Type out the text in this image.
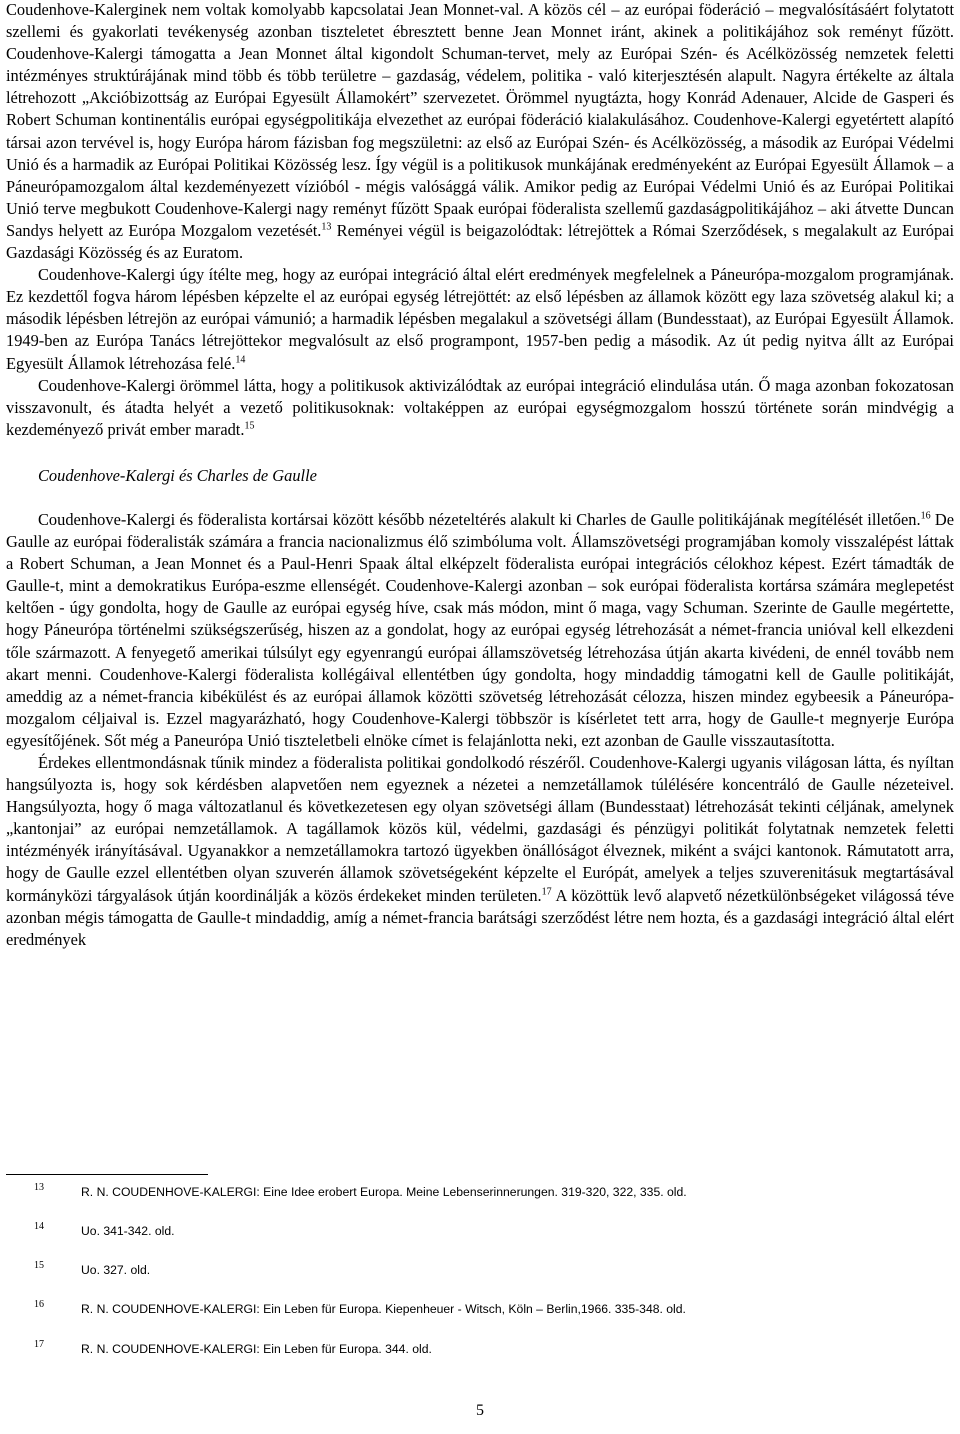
Coudenhove-Kalerginek nem voltak komolyabb kapcsolatai Jean Monnet-val. A közös cél – az európai föderáció – megvalósításáért folytatott szellemi és gyakorlati tevékenység azonban tiszteletet ébresztett benne Jean Monnet iránt, akinek a politikájához sok reményt fűzött. Coudenhove-Kalergi támogatta a Jean Monnet által kigondolt Schuman-tervet, mely az Európai Szén- és Acélközösség nemzetek feletti intézményes struktúrájának mind több és több területre – gazdaság, védelem, politika - való kiterjesztésén alapult. Nagyra értékelte az általa létrehozott „Akcióbizottság az Európai Egyesült Államokért” szervezetet. Örömmel nyugtázta, hogy Konrád Adenauer, Alcide de Gasperi és Robert Schuman kontinentális európai egységpolitikája elvezethet az európai föderáció kialakulásához. Coudenhove-Kalergi egyetértett alapító társai azon tervével is, hogy Európa három fázisban fog megszületni: az első az Európai Szén- és Acélközösség, a második az Európai Védelmi Unió és a harmadik az Európai Politikai Közösség lesz. Így végül is a politikusok munkájának eredményeként az Európai Egyesült Államok – a Páneurópamozgalom által kezdeményezett vízióból - mégis valósággá válik. Amikor pedig az Európai Védelmi Unió és az Európai Politikai Unió terve megbukott Coudenhove-Kalergi nagy reményt fűzött Spaak európai föderalista szellemű gazdaságpolitikájához – aki átvette Duncan Sandys helyett az Európa Mozgalom vezetését.$^{13}$ Reményei végül is beigazolódtak: létrejöttek a Római Szerződések, s megalakult az Európai Gazdasági Közösség és az Euratom.

Coudenhove-Kalergi úgy ítélte meg, hogy az európai integráció által elért eredmények megfelelnek a Páneurópa-mozgalom programjának. Ez kezdettől fogva három lépésben képzelte el az európai egység létrejöttét: az első lépésben az államok között egy laza szövetség alakul ki; a második lépésben létrejön az európai vámunió; a harmadik lépésben megalakul a szövetségi állam (Bundesstaat), az Európai Egyesült Államok. 1949-ben az Európa Tanács létrejöttekor megvalósult az első programpont, 1957-ben pedig a második. Az út pedig nyitva állt az Európai Egyesült Államok létrehozása felé.$^{14}$

Coudenhove-Kalergi örömmel látta, hogy a politikusok aktivizálódtak az európai integráció elindulása után. Ő maga azonban fokozatosan visszavonult, és átadta helyét a vezető politikusoknak: voltaképpen az európai egységmozgalom hosszú története során mindvégig a kezdeményező privát ember maradt.$^{15}$

Coudenhove-Kalergi és Charles de Gaulle

Coudenhove-Kalergi és föderalista kortársai között később nézeteltérés alakult ki Charles de Gaulle politikájának megítélését illetően.$^{16}$ De Gaulle az európai föderalisták számára a francia nacionalizmus élő szimbóluma volt. Államszövetségi programjában komoly visszalépést láttak a Robert Schuman, a Jean Monnet és a Paul-Henri Spaak által elképzelt föderalista európai integrációs célokhoz képest. Ezért támadták de Gaulle-t, mint a demokratikus Európa-eszme ellenségét. Coudenhove-Kalergi azonban – sok európai föderalista kortársa számára meglepetést keltően - úgy gondolta, hogy de Gaulle az európai egység híve, csak más módon, mint ő maga, vagy Schuman. Szerinte de Gaulle megértette, hogy Páneurópa történelmi szükségszerűség, hiszen az a gondolat, hogy az európai egység létrehozását a német-francia unióval kell elkezdeni tőle származott. A fenyegető amerikai túlsúlyt egy egyenrangú európai államszövetség létrehozása útján akarta kivédeni, de ennél tovább nem akart menni. Coudenhove-Kalergi föderalista kollégáival ellentétben úgy gondolta, hogy mindaddig támogatni kell de Gaulle politikáját, ameddig az a német-francia kibékülést és az európai államok közötti szövetség létrehozását célozza, hiszen mindez egybeesik a Páneurópa-mozgalom céljaival is. Ezzel magyarázható, hogy Coudenhove-Kalergi többször is kísérletet tett arra, hogy de Gaulle-t megnyerje Európa egyesítőjének. Sőt még a Paneurópa Unió tiszteletbeli elnöke címet is felajánlotta neki, ezt azonban de Gaulle visszautasította.

Érdekes ellentmondásnak tűnik mindez a föderalista politikai gondolkodó részéről. Coudenhove-Kalergi ugyanis világosan látta, és nyíltan hangsúlyozta is, hogy sok kérdésben alapvetően nem egyeznek a nézetei a nemzetállamok túlélésére koncentráló de Gaulle nézeteivel. Hangsúlyozta, hogy ő maga változatlanul és következetesen egy olyan szövetségi állam (Bundesstaat) létrehozását tekinti céljának, amelynek „kantonjai” az európai nemzetállamok. A tagállamok közös kül, védelmi, gazdasági és pénzügyi politikát folytatnak nemzetek feletti intézményék irányításával. Ugyanakkor a nemzetállamokra tartozó ügyekben önállóságot élveznek, miként a svájci kantonok. Rámutatott arra, hogy de Gaulle ezzel ellentétben olyan szuverén államok szövetségeként képzelte el Európát, amelyek a teljes szuverenitásuk megtartásával kormányközi tárgyalások útján koordinálják a közös érdekeket minden területen.$^{17}$ A közöttük levő alapvető nézetkülönbségeket világossá téve azonban mégis támogatta de Gaulle-t mindaddig, amíg a német-francia barátsági szerződést létre nem hozta, és a gazdasági integráció által elért eredmények

13	R. N. COUDENHOVE-KALERGI: Eine Idee erobert Europa. Meine Lebenserinnerungen. 319-320, 322, 335. old.
14	Uo. 341-342. old.
15	Uo. 327. old.
16	R. N. COUDENHOVE-KALERGI: Ein Leben für Europa. Kiepenheuer - Witsch, Köln – Berlin,1966. 335-348. old.
17	R. N. COUDENHOVE-KALERGI: Ein Leben für Europa. 344. old.
5
